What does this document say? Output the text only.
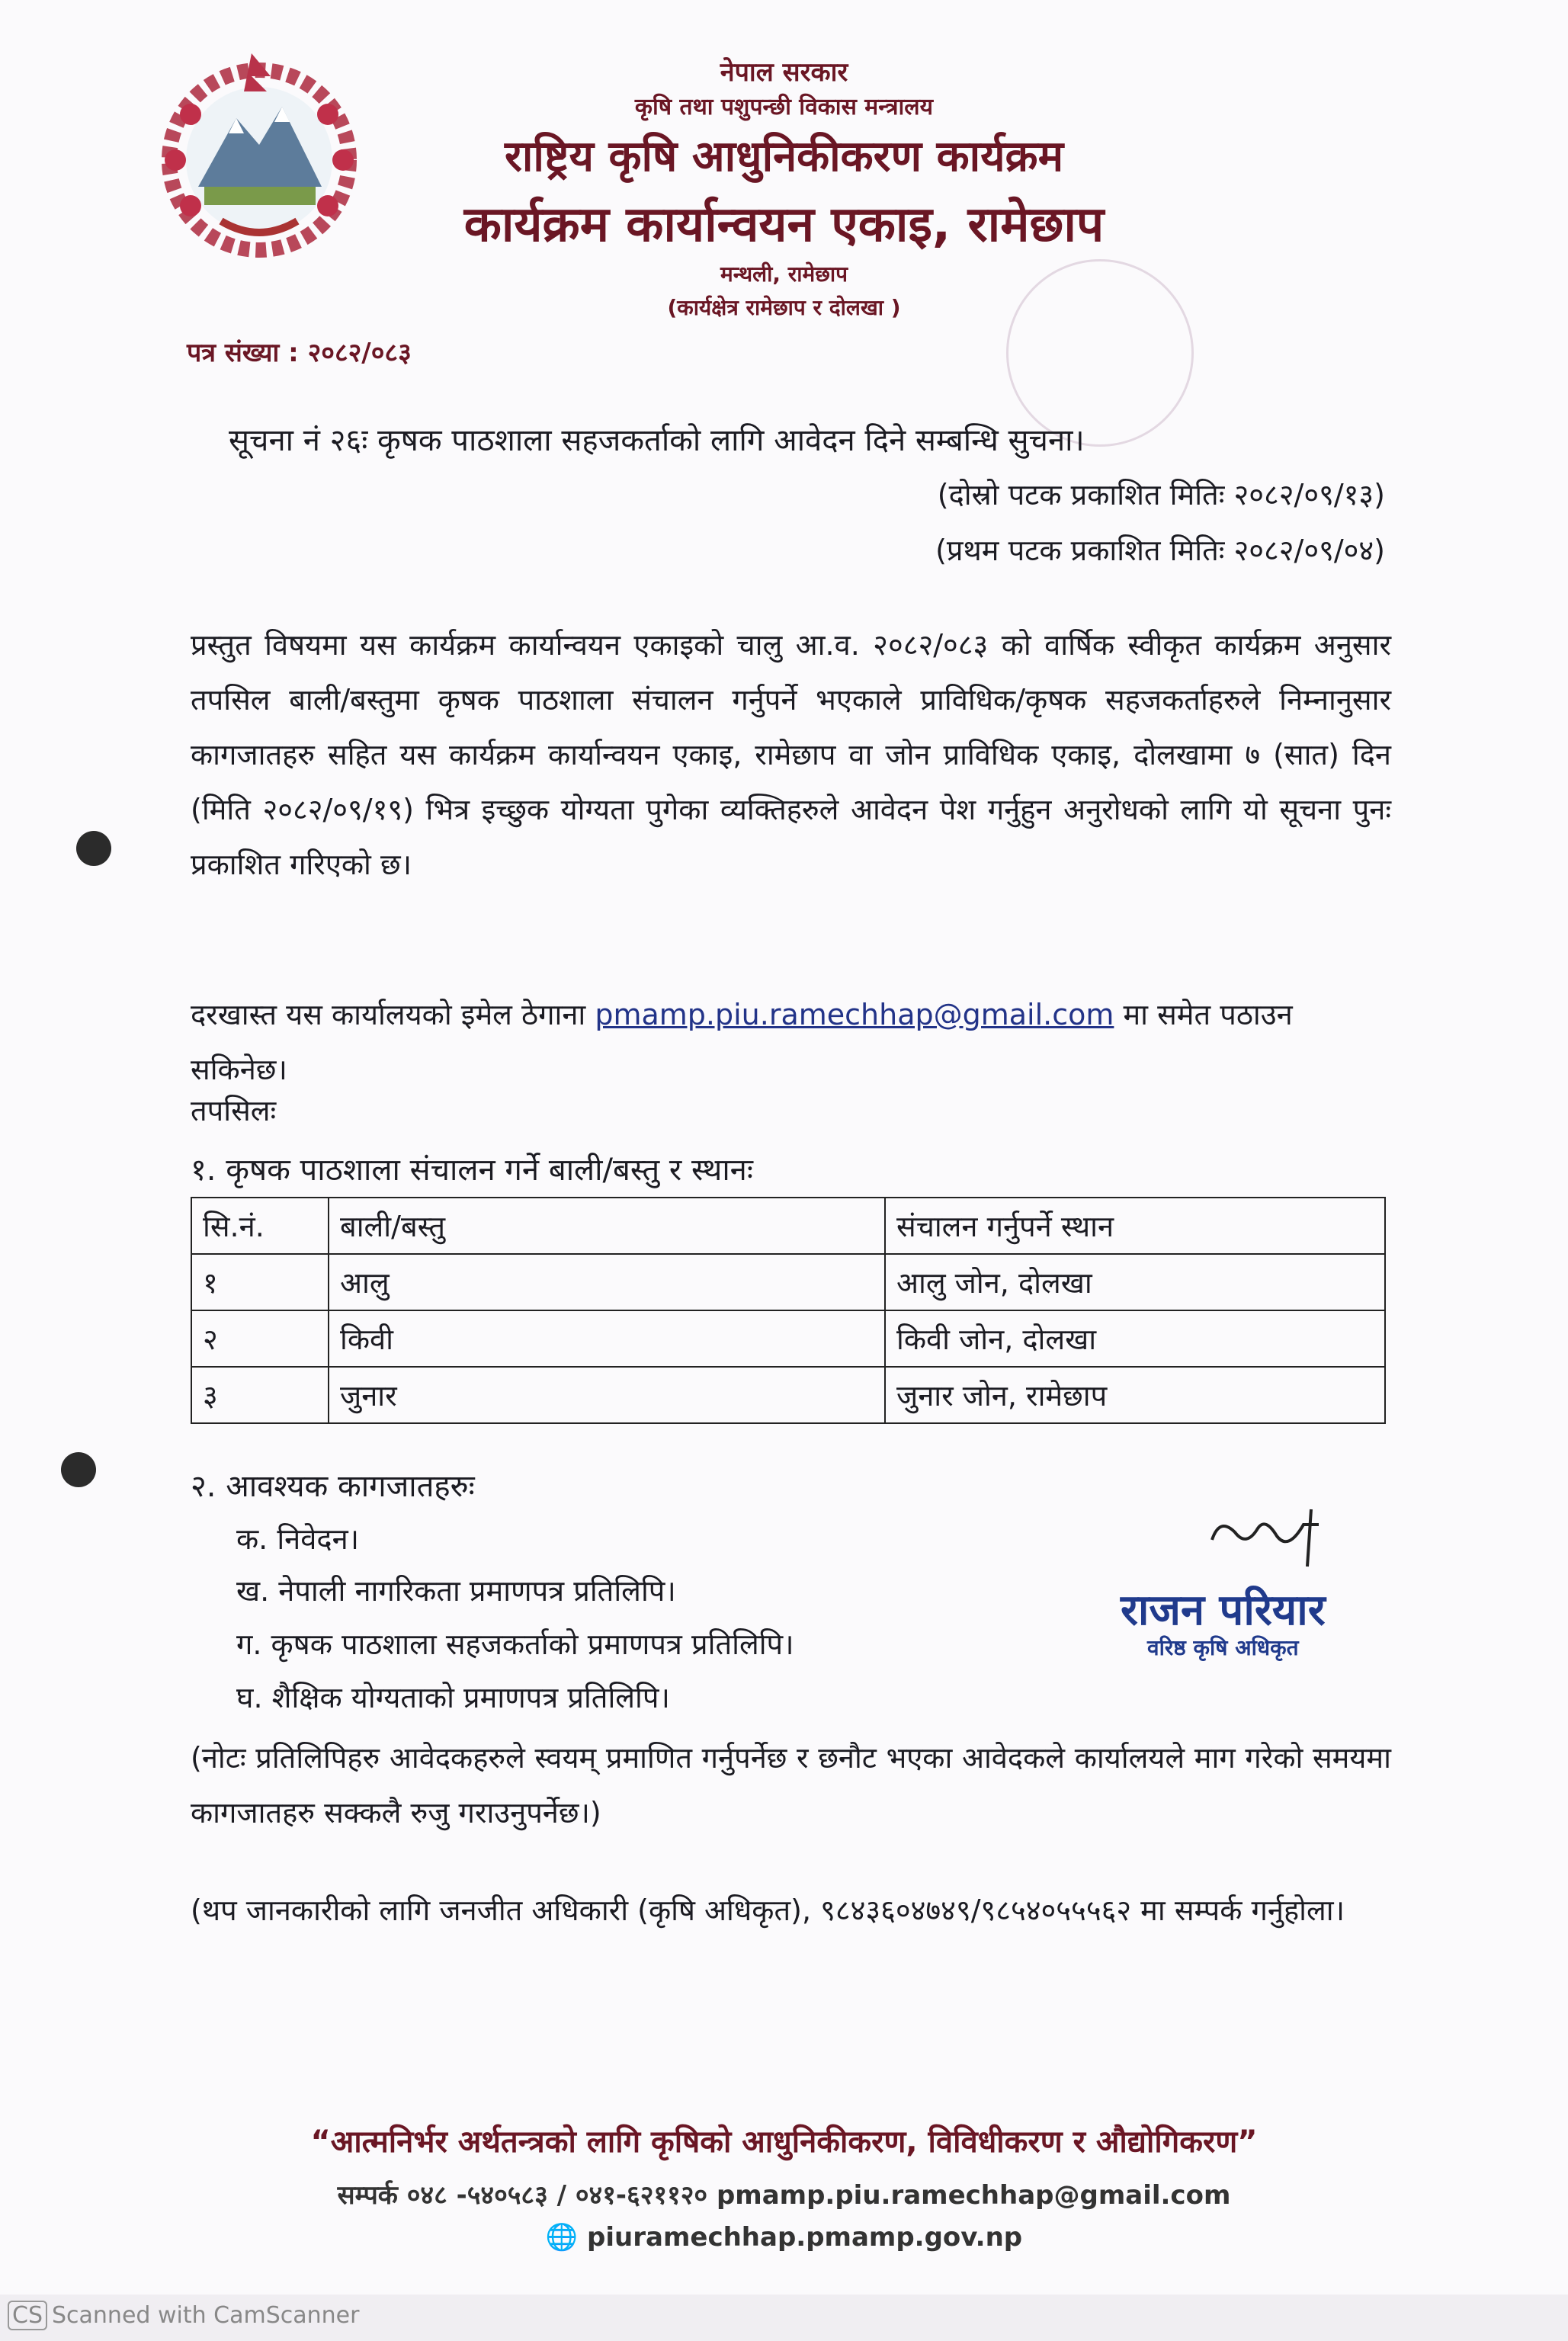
नेपाल सरकार
कृषि तथा पशुपन्छी विकास मन्त्रालय
राष्ट्रिय कृषि आधुनिकीकरण कार्यक्रम
कार्यक्रम कार्यान्वयन एकाइ, रामेछाप
मन्थली, रामेछाप
(कार्यक्षेत्र रामेछाप र दोलखा )
पत्र संख्या : २०८२/०८३
सूचना नं २६ः कृषक पाठशाला सहजकर्ताको लागि आवेदन दिने सम्बन्धि सुचना।
(दोस्रो पटक प्रकाशित मितिः २०८२/०९/१३)
(प्रथम पटक प्रकाशित मितिः २०८२/०९/०४)
प्रस्तुत विषयमा यस कार्यक्रम कार्यान्वयन एकाइको चालु आ.व. २०८२/०८३ को वार्षिक स्वीकृत कार्यक्रम अनुसार तपसिल बाली/बस्तुमा कृषक पाठशाला संचालन गर्नुपर्ने भएकाले प्राविधिक/कृषक सहजकर्ताहरुले निम्नानुसार कागजातहरु सहित यस कार्यक्रम कार्यान्वयन एकाइ, रामेछाप वा जोन प्राविधिक एकाइ, दोलखामा ७ (सात) दिन (मिति २०८२/०९/१९) भित्र इच्छुक योग्यता पुगेका व्यक्तिहरुले आवेदन पेश गर्नुहुन अनुरोधको लागि यो सूचना पुनः प्रकाशित गरिएको छ।
दरखास्त यस कार्यालयको इमेल ठेगाना pmamp.piu.ramechhap@gmail.com मा समेत पठाउन सकिनेछ।
तपसिलः
१. कृषक पाठशाला संचालन गर्ने बाली/बस्तु र स्थानः
सि.नं.	बाली/बस्तु	संचालन गर्नुपर्ने स्थान
१	आलु	आलु जोन, दोलखा
२	किवी	किवी जोन, दोलखा
३	जुनार	जुनार जोन, रामेछाप
२. आवश्यक कागजातहरुः
क. निवेदन।
ख. नेपाली नागरिकता प्रमाणपत्र प्रतिलिपि।
ग. कृषक पाठशाला सहजकर्ताको प्रमाणपत्र प्रतिलिपि।
घ. शैक्षिक योग्यताको प्रमाणपत्र प्रतिलिपि।
राजन परियार
वरिष्ठ कृषि अधिकृत
(नोटः प्रतिलिपिहरु आवेदकहरुले स्वयम् प्रमाणित गर्नुपर्नेछ र छनौट भएका आवेदकले कार्यालयले माग गरेको समयमा कागजातहरु सक्कलै रुजु गराउनुपर्नेछ।)
(थप जानकारीको लागि जनजीत अधिकारी (कृषि अधिकृत), ९८४३६०४७४९/९८५४०५५५६२ मा सम्पर्क गर्नुहोला।
“आत्मनिर्भर अर्थतन्त्रको लागि कृषिको आधुनिकीकरण, विविधीकरण र औद्योगिकरण”
सम्पर्क ०४८ -५४०५८३ / ०४१-६२११२० pmamp.piu.ramechhap@gmail.com
🌐 piuramechhap.pmamp.gov.np
CS Scanned with CamScanner
